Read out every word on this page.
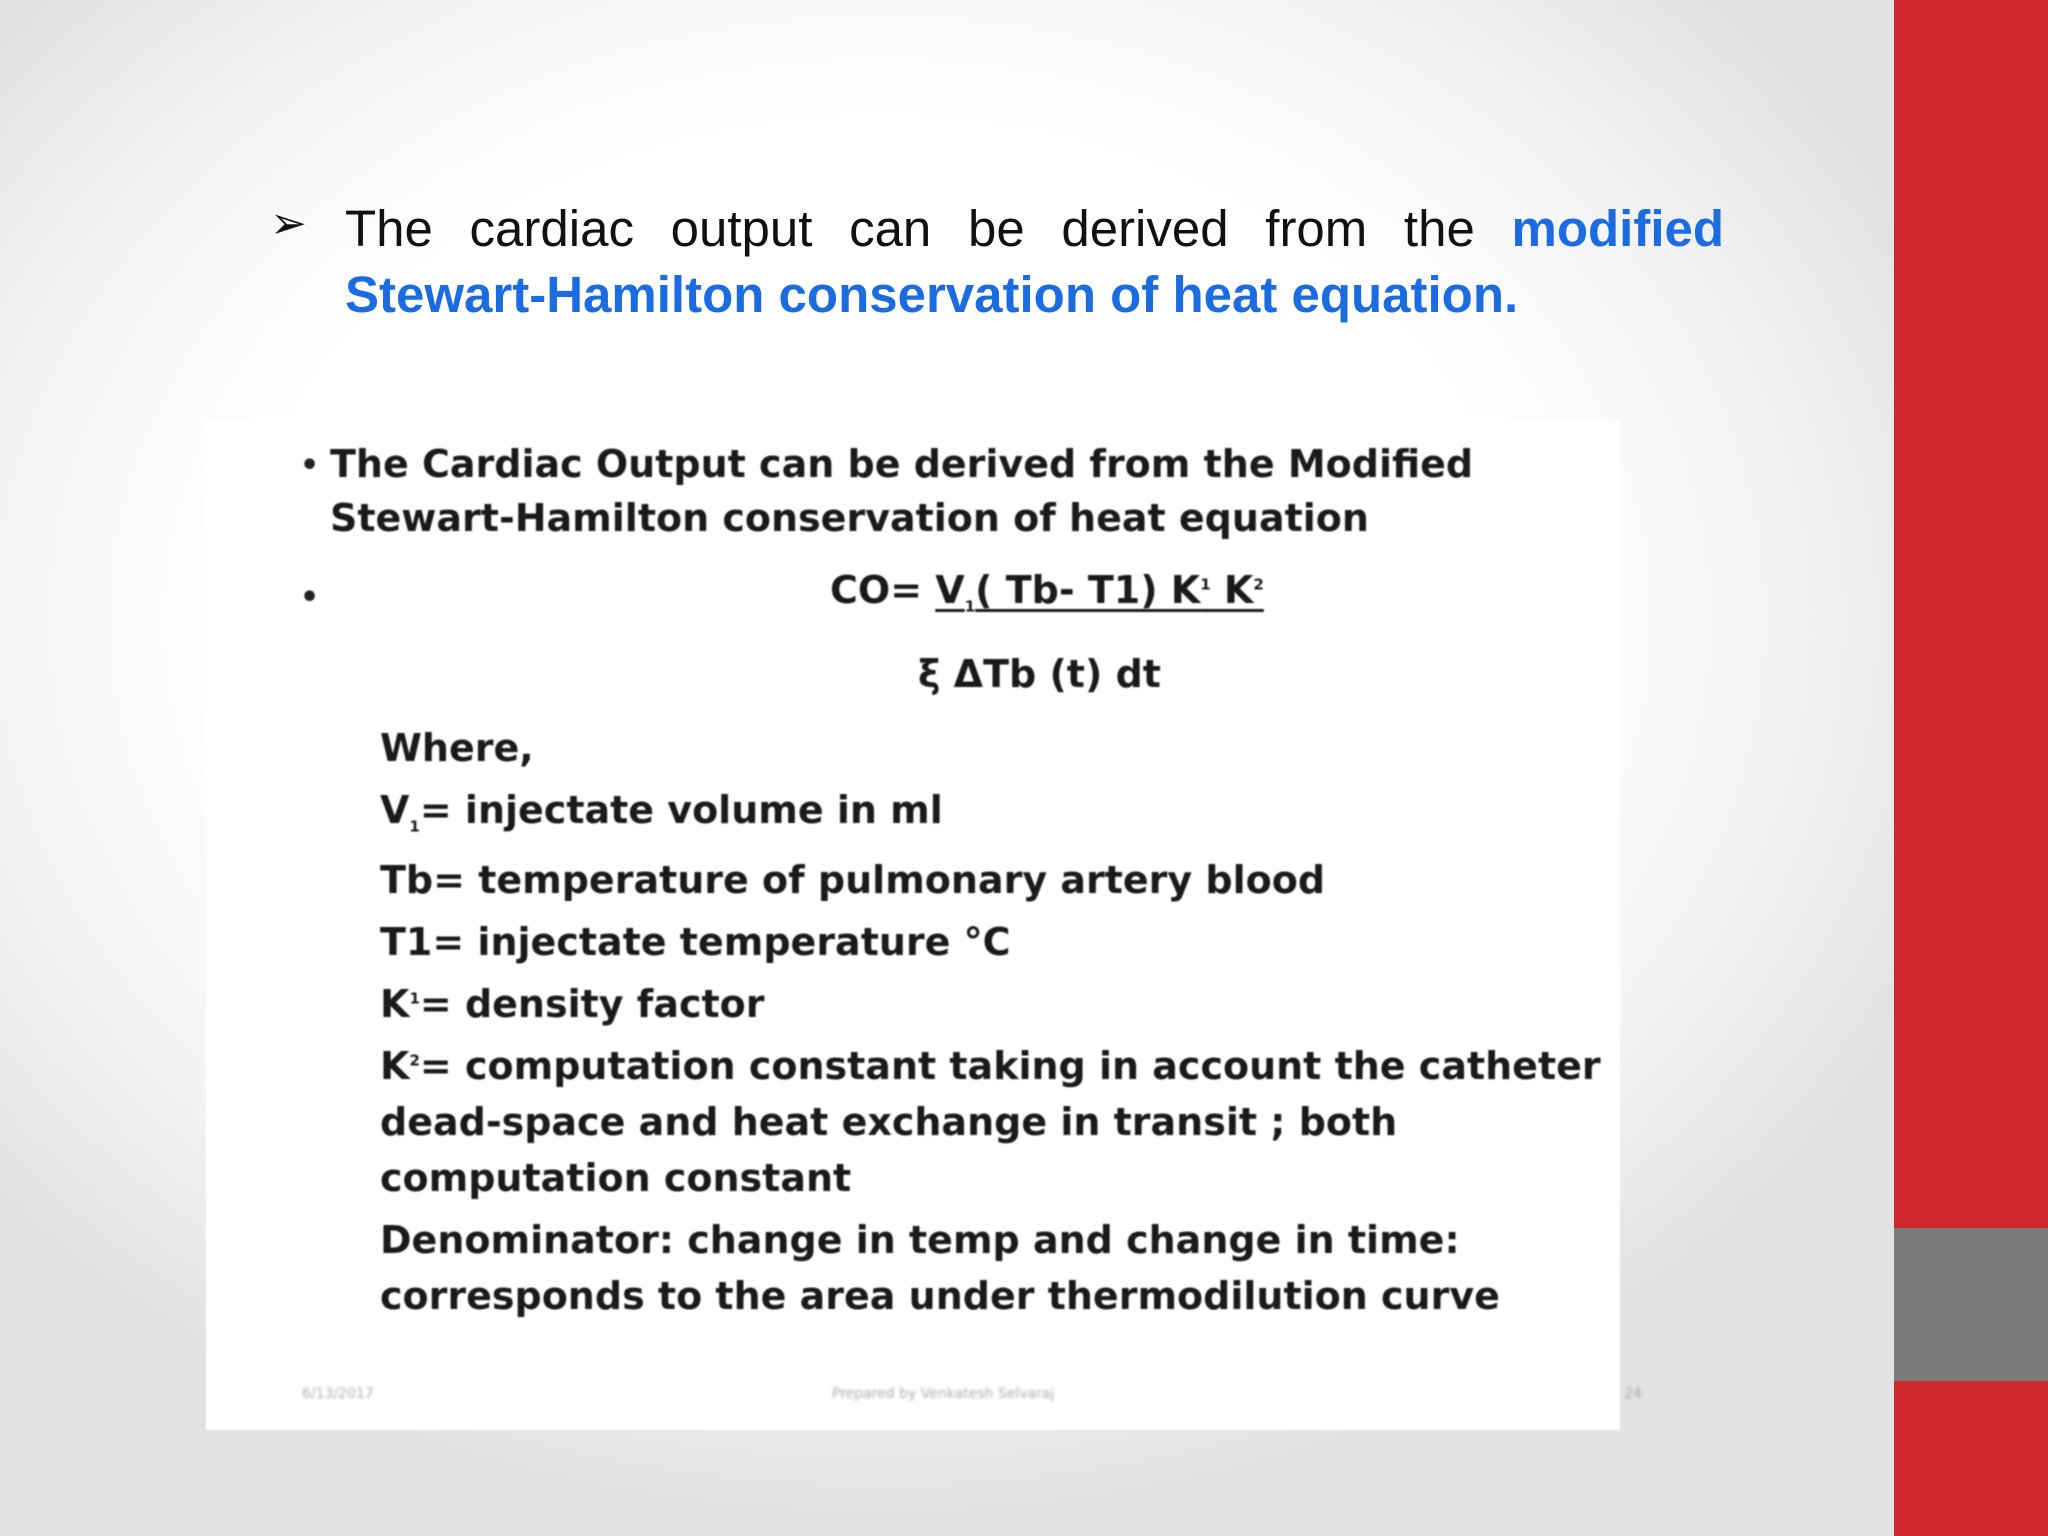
➢ The cardiac output can be derived from the modified Stewart-Hamilton conservation of heat equation.
• The Cardiac Output can be derived from the Modified
Stewart-Hamilton conservation of heat equation
•	$CO= V_1$( Tb- T1) $K^1$ $K^2$
ξ ΔTb (t) dt
Where,
$V_1=$ injectate volume in ml
Tb= temperature of pulmonary artery blood
T1= injectate temperature °C
$K^1=$ density factor
$K^2=$ computation constant taking in account the catheter
dead-space and heat exchange in transit ; both
computation constant
Denominator: change in temp and change in time:
corresponds to the area under thermodilution curve
6/13/2017	Prepared by Venkatesh Selvaraj	24
